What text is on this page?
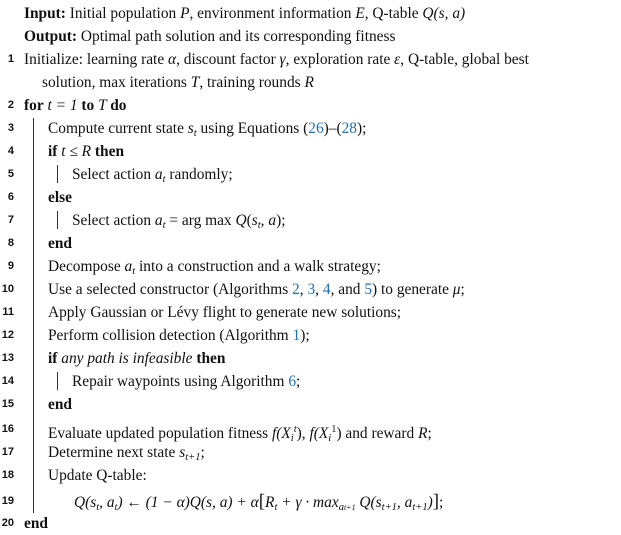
Input: Initial population P, environment information E, Q-table Q(s, a)
Output: Optimal path solution and its corresponding fitness
1 Initialize: learning rate α, discount factor γ, exploration rate ε, Q-table, global best
solution, max iterations T, training rounds R
2 for t = 1 to T do
3 Compute current state $s_t$ using Equations (26)–(28);
4 if t ≤ R then
5	Select action $a_t$ randomly;
6 else
7	Select action $a_t$ = arg $\max Q(s_t$, a);
8 end
9 Decompose $a_t$ into a construction and a walk strategy;
10 Use a selected constructor (Algorithms 2, 3, 4, and 5) to generate μ;
11 Apply Gaussian or Lévy flight to generate new solutions;
12 Perform collision detection (Algorithm 1);
13 if any path is infeasible then
14	Repair waypoints using Algorithm 6;
15 end
16 Evaluate updated population fitness $f(X_i^t)$, $f(X_i^1)$ and reward R;
17 Determine next state $s_{t+1}$;
18 Update Q-table:
19	$Q(s_t$, $a_t$) ← (1 − α)Q(s, $a) + \alpha[R_t + \gamma \cdot \max_{at+1} Q(s_{t+1}$, $a_{t+1}$)];
20 end
